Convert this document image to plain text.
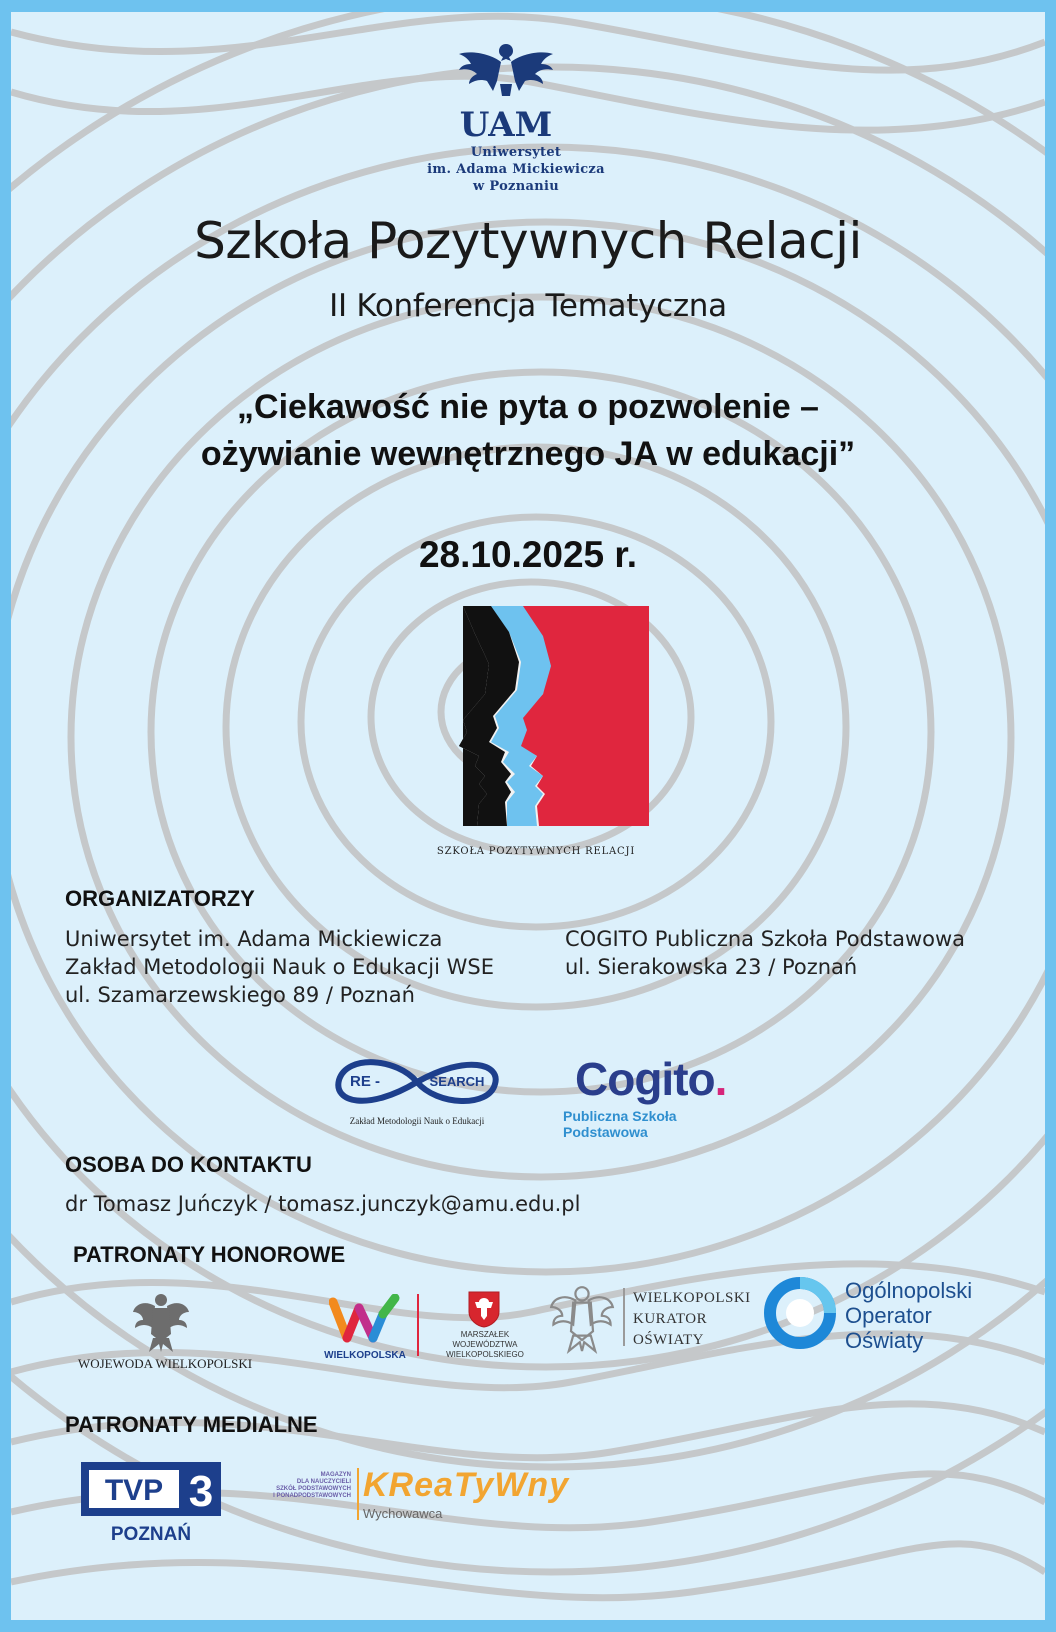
UAM
Uniwersytet
im. Adama Mickiewicza
w Poznaniu
Szkoła Pozytywnych Relacji
II Konferencja Tematyczna
„Ciekawość nie pyta o pozwolenie –
ożywianie wewnętrznego JA w edukacji”
28.10.2025 r.
SZKOŁA POZYTYWNYCH RELACJI
ORGANIZATORZY
Uniwersytet im. Adama Mickiewicza
Zakład Metodologii Nauk o Edukacji WSE
ul. Szamarzewskiego 89 / Poznań
COGITO Publiczna Szkoła Podstawowa
ul. Sierakowska 23 / Poznań
RE -	SEARCH
Zakład Metodologii Nauk o Edukacji
Cogito.
Publiczna Szkoła Podstawowa
OSOBA DO KONTAKTU
dr Tomasz Juńczyk / tomasz.junczyk@amu.edu.pl
PATRONATY HONOROWE
WOJEWODA WIELKOPOLSKI
WIELKOPOLSKA
MARSZAŁEK
WOJEWÓDZTWA
WIELKOPOLSKIEGO
WIELKOPOLSKI
KURATOR
OŚWIATY
Ogólnopolski
Operator
Oświaty
PATRONATY MEDIALNE
TVP 3
POZNAŃ
MAGAZYN
DLA NAUCZYCIELI
SZKÓŁ PODSTAWOWYCH
I PONADPODSTAWOWYCH KReaTyWny
Wychowawca
